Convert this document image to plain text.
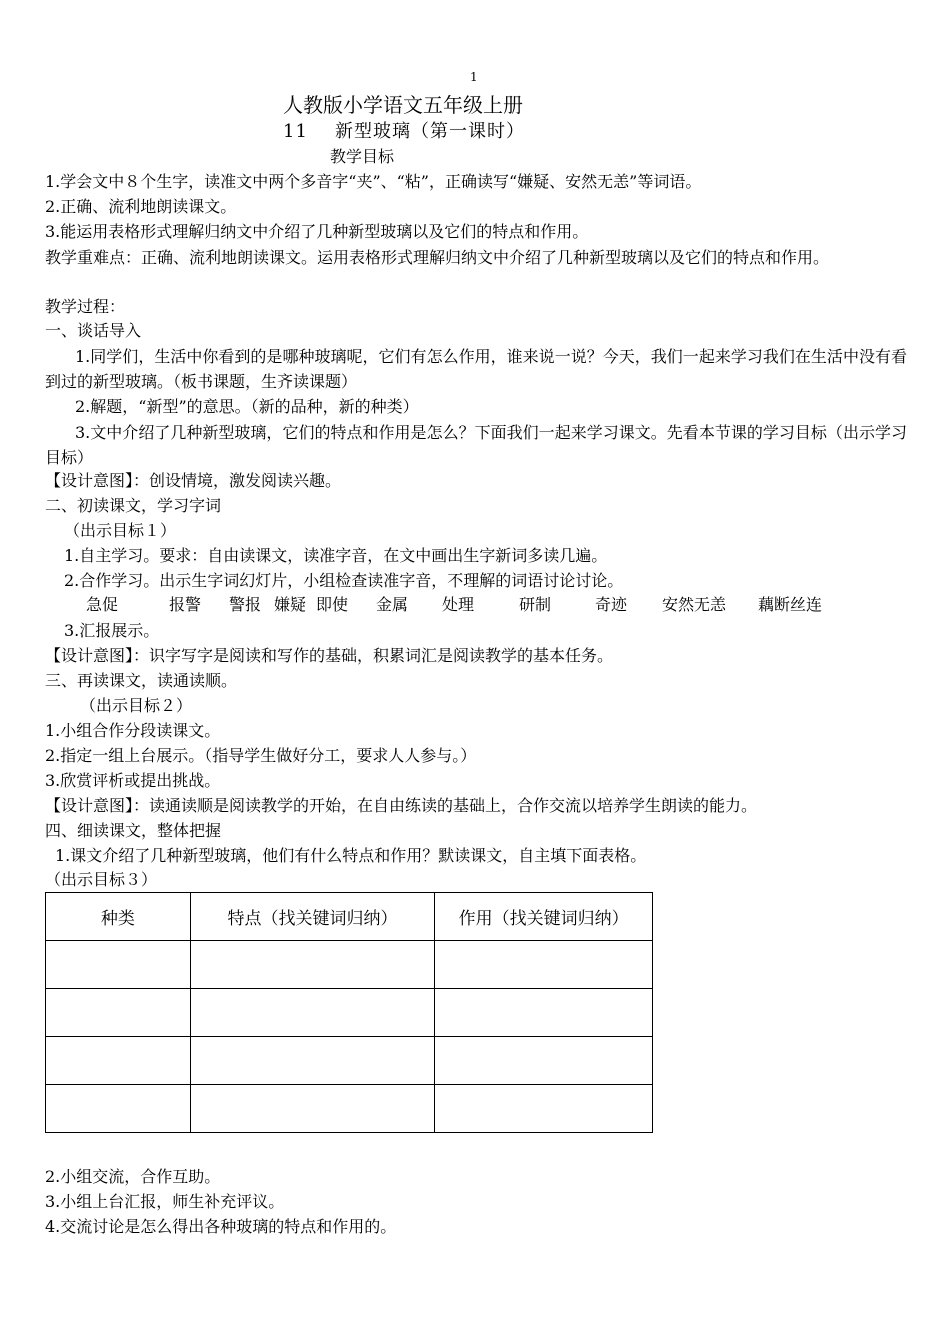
1
人教版小学语文五年级上册
11 新型玻璃（第一课时）
教学目标
1.学会文中８个生字，读准文中两个多音字“夹”、“粘”，正确读写“嫌疑、安然无恙”等词语。
2.正确、流利地朗读课文。
3.能运用表格形式理解归纳文中介绍了几种新型玻璃以及它们的特点和作用。
教学重难点：正确、流利地朗读课文。运用表格形式理解归纳文中介绍了几种新型玻璃以及它们的特点和作用。
教学过程：
一、谈话导入
1.同学们，生活中你看到的是哪种玻璃呢，它们有怎么作用，谁来说一说？今天，我们一起来学习我们在生活中没有看到过的新型玻璃。（板书课题，生齐读课题）
2.解题，“新型”的意思。（新的品种，新的种类）
3.文中介绍了几种新型玻璃，它们的特点和作用是怎么？下面我们一起来学习课文。先看本节课的学习目标（出示学习目标）
【设计意图】：创设情境，激发阅读兴趣。
二、初读课文，学习字词
（出示目标１）
1.自主学习。要求：自由读课文，读准字音，在文中画出生字新词多读几遍。
2.合作学习。出示生字词幻灯片，小组检查读准字音，不理解的词语讨论讨论。
急促	报警 警报 嫌疑 即使 金属 处理	研制	奇迹 安然无恙 藕断丝连
3.汇报展示。
【设计意图】：识字写字是阅读和写作的基础，积累词汇是阅读教学的基本任务。
三、再读课文，读通读顺。
（出示目标２）
1.小组合作分段读课文。
2.指定一组上台展示。（指导学生做好分工，要求人人参与。）
3.欣赏评析或提出挑战。
【设计意图】：读通读顺是阅读教学的开始，在自由练读的基础上，合作交流以培养学生朗读的能力。
四、细读课文，整体把握
1.课文介绍了几种新型玻璃，他们有什么特点和作用？默读课文，自主填下面表格。
（出示目标３）
种类	特点（找关键词归纳）	作用（找关键词归纳）

2.小组交流，合作互助。
3.小组上台汇报，师生补充评议。
4.交流讨论是怎么得出各种玻璃的特点和作用的。
